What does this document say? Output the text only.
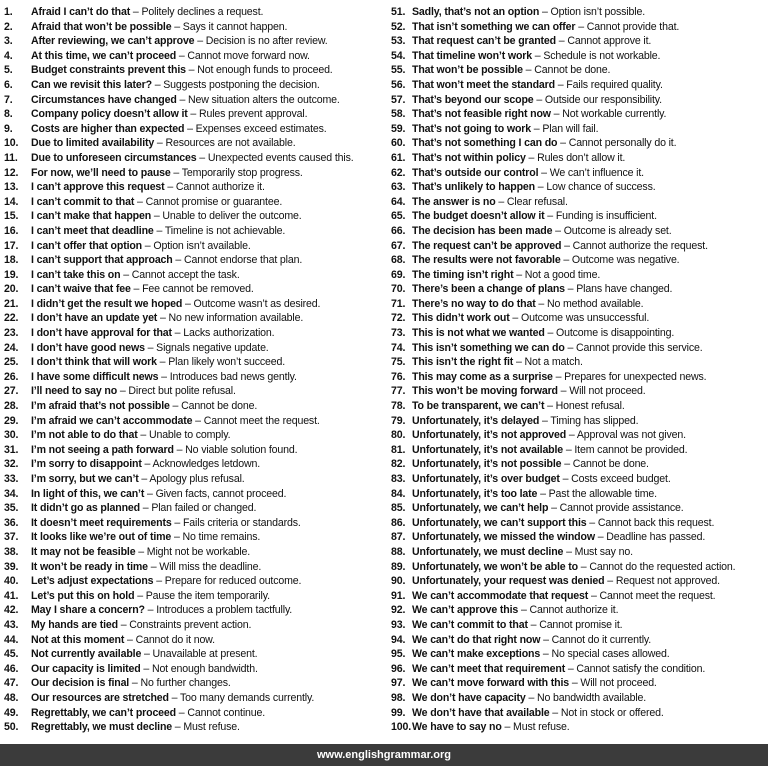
1. Afraid I can’t do that – Politely declines a request.
2. Afraid that won’t be possible – Says it cannot happen.
3. After reviewing, we can’t approve – Decision is no after review.
4. At this time, we can’t proceed – Cannot move forward now.
5. Budget constraints prevent this – Not enough funds to proceed.
6. Can we revisit this later? – Suggests postponing the decision.
7. Circumstances have changed – New situation alters the outcome.
8. Company policy doesn’t allow it – Rules prevent approval.
9. Costs are higher than expected – Expenses exceed estimates.
10. Due to limited availability – Resources are not available.
11. Due to unforeseen circumstances – Unexpected events caused this.
12. For now, we’ll need to pause – Temporarily stop progress.
13. I can’t approve this request – Cannot authorize it.
14. I can’t commit to that – Cannot promise or guarantee.
15. I can’t make that happen – Unable to deliver the outcome.
16. I can’t meet that deadline – Timeline is not achievable.
17. I can’t offer that option – Option isn’t available.
18. I can’t support that approach – Cannot endorse that plan.
19. I can’t take this on – Cannot accept the task.
20. I can’t waive that fee – Fee cannot be removed.
21. I didn’t get the result we hoped – Outcome wasn’t as desired.
22. I don’t have an update yet – No new information available.
23. I don’t have approval for that – Lacks authorization.
24. I don’t have good news – Signals negative update.
25. I don’t think that will work – Plan likely won’t succeed.
26. I have some difficult news – Introduces bad news gently.
27. I’ll need to say no – Direct but polite refusal.
28. I’m afraid that’s not possible – Cannot be done.
29. I’m afraid we can’t accommodate – Cannot meet the request.
30. I’m not able to do that – Unable to comply.
31. I’m not seeing a path forward – No viable solution found.
32. I’m sorry to disappoint – Acknowledges letdown.
33. I’m sorry, but we can’t – Apology plus refusal.
34. In light of this, we can’t – Given facts, cannot proceed.
35. It didn’t go as planned – Plan failed or changed.
36. It doesn’t meet requirements – Fails criteria or standards.
37. It looks like we’re out of time – No time remains.
38. It may not be feasible – Might not be workable.
39. It won’t be ready in time – Will miss the deadline.
40. Let’s adjust expectations – Prepare for reduced outcome.
41. Let’s put this on hold – Pause the item temporarily.
42. May I share a concern? – Introduces a problem tactfully.
43. My hands are tied – Constraints prevent action.
44. Not at this moment – Cannot do it now.
45. Not currently available – Unavailable at present.
46. Our capacity is limited – Not enough bandwidth.
47. Our decision is final – No further changes.
48. Our resources are stretched – Too many demands currently.
49. Regrettably, we can’t proceed – Cannot continue.
50. Regrettably, we must decline – Must refuse.
51. Sadly, that’s not an option – Option isn’t possible.
52. That isn’t something we can offer – Cannot provide that.
53. That request can’t be granted – Cannot approve it.
54. That timeline won’t work – Schedule is not workable.
55. That won’t be possible – Cannot be done.
56. That won’t meet the standard – Fails required quality.
57. That’s beyond our scope – Outside our responsibility.
58. That’s not feasible right now – Not workable currently.
59. That’s not going to work – Plan will fail.
60. That’s not something I can do – Cannot personally do it.
61. That’s not within policy – Rules don’t allow it.
62. That’s outside our control – We can’t influence it.
63. That’s unlikely to happen – Low chance of success.
64. The answer is no – Clear refusal.
65. The budget doesn’t allow it – Funding is insufficient.
66. The decision has been made – Outcome is already set.
67. The request can’t be approved – Cannot authorize the request.
68. The results were not favorable – Outcome was negative.
69. The timing isn’t right – Not a good time.
70. There’s been a change of plans – Plans have changed.
71. There’s no way to do that – No method available.
72. This didn’t work out – Outcome was unsuccessful.
73. This is not what we wanted – Outcome is disappointing.
74. This isn’t something we can do – Cannot provide this service.
75. This isn’t the right fit – Not a match.
76. This may come as a surprise – Prepares for unexpected news.
77. This won’t be moving forward – Will not proceed.
78. To be transparent, we can’t – Honest refusal.
79. Unfortunately, it’s delayed – Timing has slipped.
80. Unfortunately, it’s not approved – Approval was not given.
81. Unfortunately, it’s not available – Item cannot be provided.
82. Unfortunately, it’s not possible – Cannot be done.
83. Unfortunately, it’s over budget – Costs exceed budget.
84. Unfortunately, it’s too late – Past the allowable time.
85. Unfortunately, we can’t help – Cannot provide assistance.
86. Unfortunately, we can’t support this – Cannot back this request.
87. Unfortunately, we missed the window – Deadline has passed.
88. Unfortunately, we must decline – Must say no.
89. Unfortunately, we won’t be able to – Cannot do the requested action.
90. Unfortunately, your request was denied – Request not approved.
91. We can’t accommodate that request – Cannot meet the request.
92. We can’t approve this – Cannot authorize it.
93. We can’t commit to that – Cannot promise it.
94. We can’t do that right now – Cannot do it currently.
95. We can’t make exceptions – No special cases allowed.
96. We can’t meet that requirement – Cannot satisfy the condition.
97. We can’t move forward with this – Will not proceed.
98. We don’t have capacity – No bandwidth available.
99. We don’t have that available – Not in stock or offered.
100.We have to say no – Must refuse.
www.englishgrammar.org
